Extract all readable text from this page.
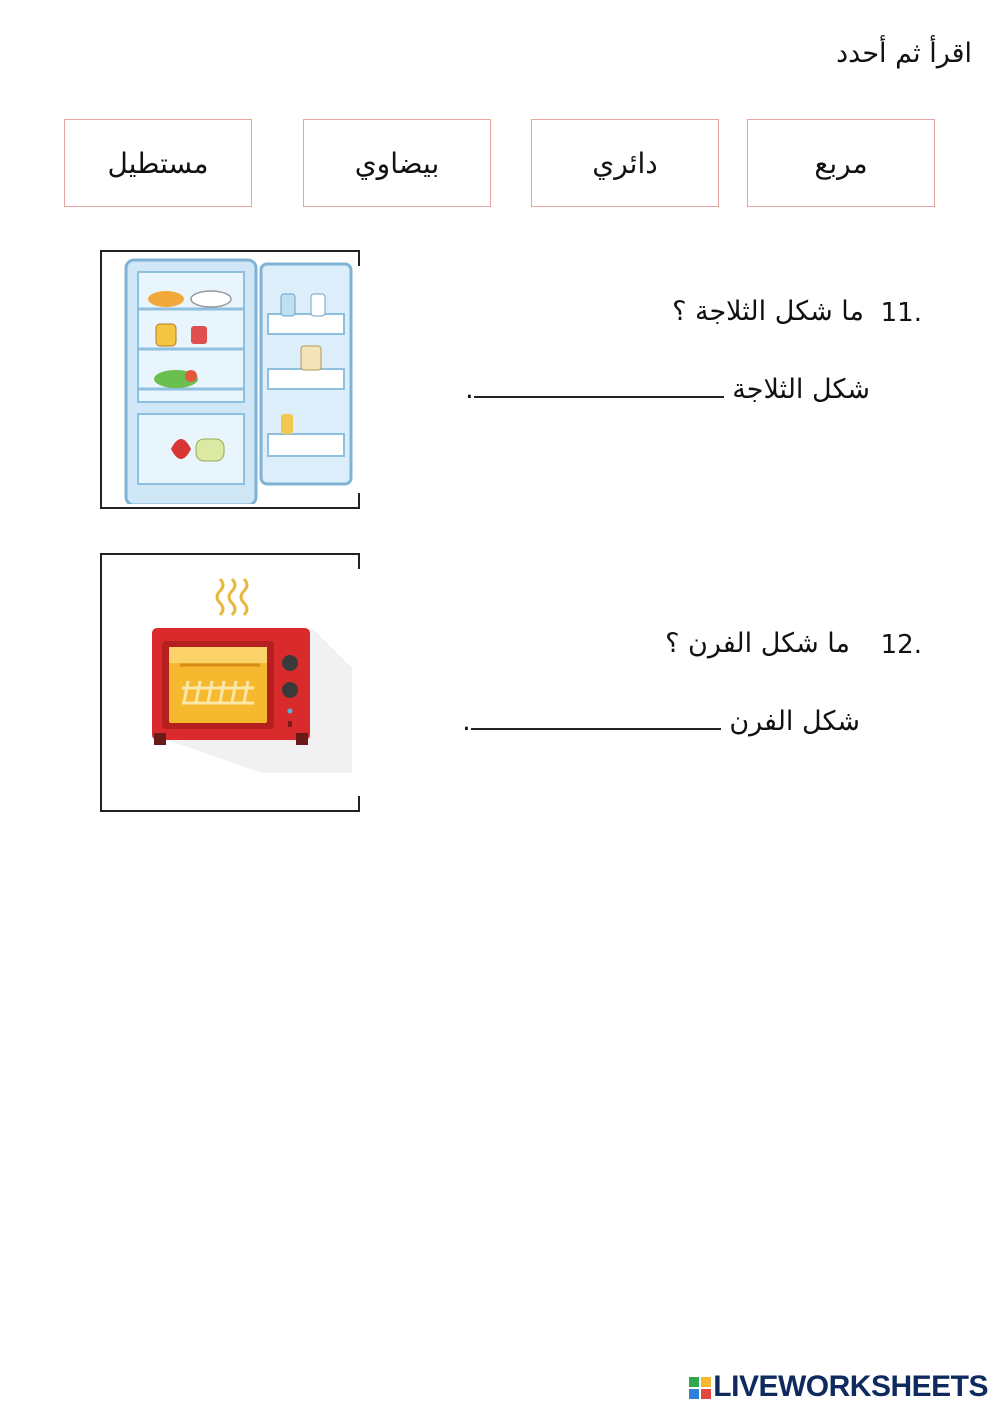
اقرأ ثم أحدد
مربع
دائري
بيضاوي
مستطيل
11.
ما شكل الثلاجة ؟
شكل الثلاجة .
12.
ما شكل الفرن ؟
شكل الفرن .
LIVEWORKSHEETS
